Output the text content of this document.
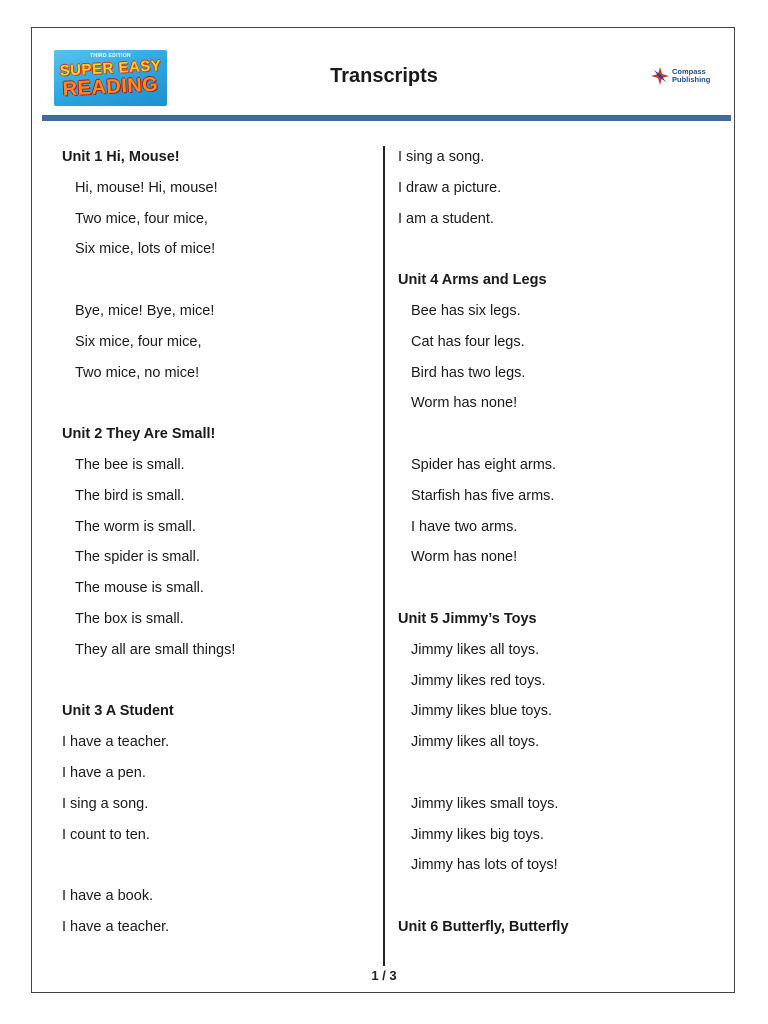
THIRD EDITION
SUPER EASY
READING	Transcripts	Compass
Publishing
Unit 1 Hi, Mouse!
Hi, mouse! Hi, mouse!
Two mice, four mice,
Six mice, lots of mice!
Bye, mice! Bye, mice!
Six mice, four mice,
Two mice, no mice!
Unit 2 They Are Small!
The bee is small.
The bird is small.
The worm is small.
The spider is small.
The mouse is small.
The box is small.
They all are small things!
Unit 3 A Student
I have a teacher.
I have a pen.
I sing a song.
I count to ten.
I have a book.
I have a teacher.
I sing a song.
I draw a picture.
I am a student.
Unit 4 Arms and Legs
Bee has six legs.
Cat has four legs.
Bird has two legs.
Worm has none!
Spider has eight arms.
Starfish has five arms.
I have two arms.
Worm has none!
Unit 5 Jimmy’s Toys
Jimmy likes all toys.
Jimmy likes red toys.
Jimmy likes blue toys.
Jimmy likes all toys.
Jimmy likes small toys.
Jimmy likes big toys.
Jimmy has lots of toys!
Unit 6 Butterfly, Butterfly
1 / 3
